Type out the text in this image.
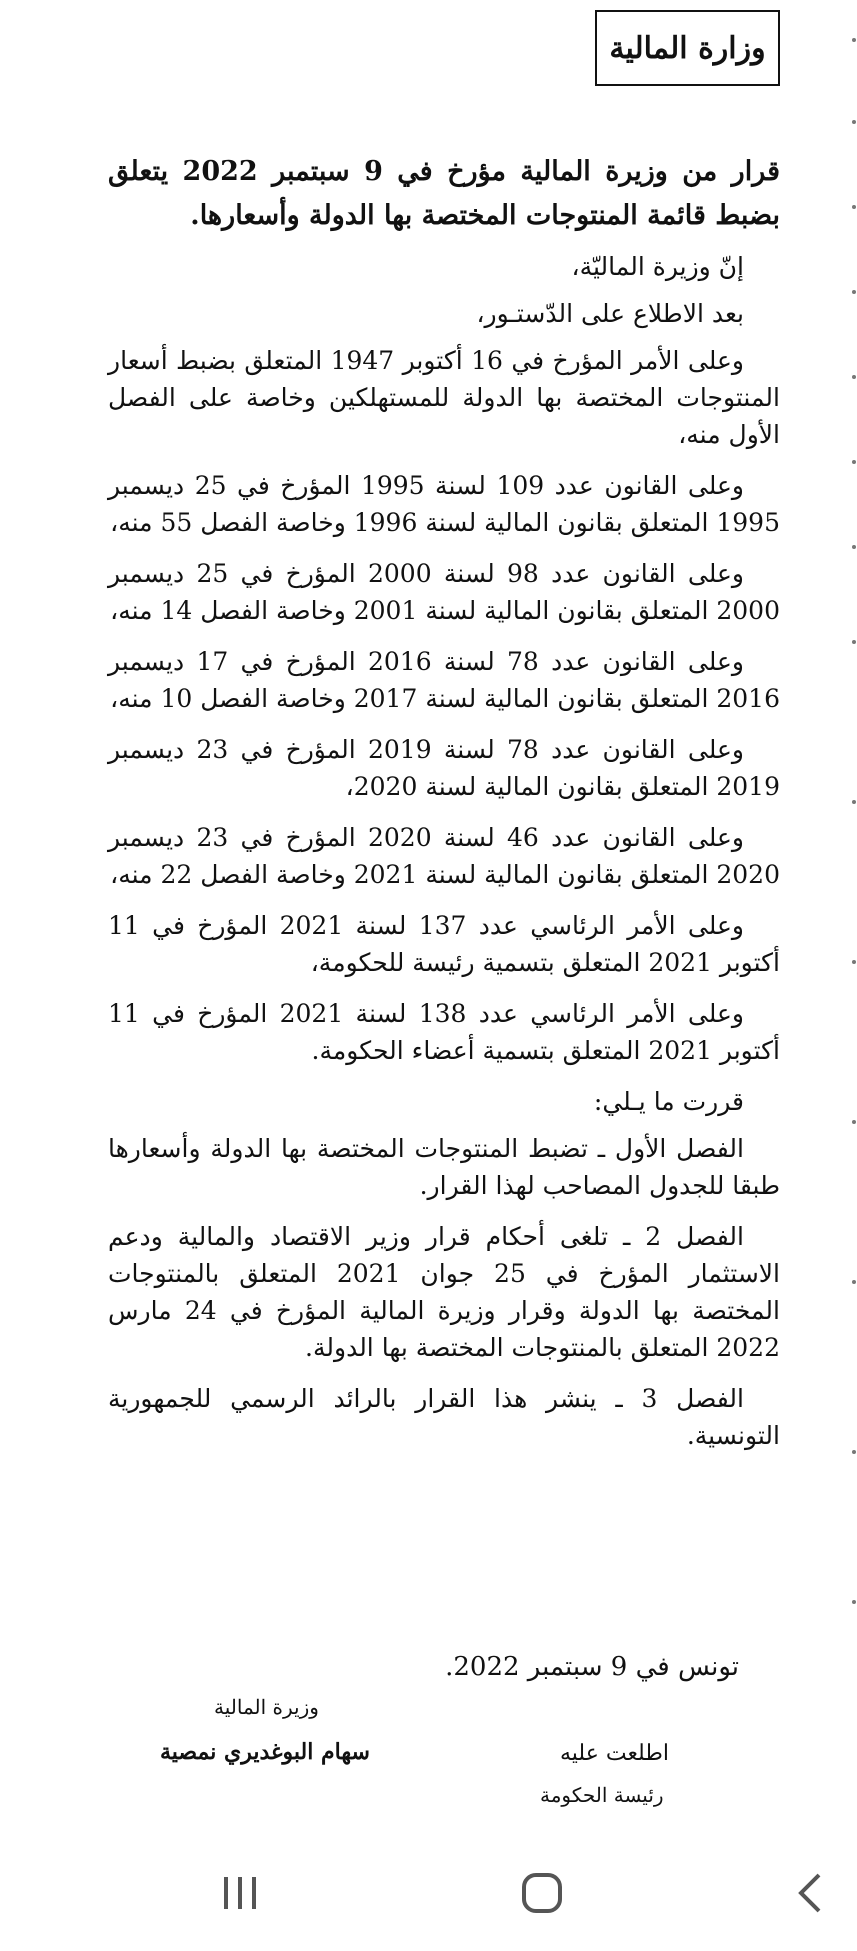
وزارة المالية
قرار من وزيرة المالية مؤرخ في 9 سبتمبر 2022 يتعلق بضبط قائمة المنتوجات المختصة بها الدولة وأسعارها.

إنّ وزيرة الماليّة،

بعد الاطلاع على الدّستـور،

وعلى الأمر المؤرخ في 16 أكتوبر 1947 المتعلق بضبط أسعار المنتوجات المختصة بها الدولة للمستهلكين وخاصة على الفصل الأول منه،

وعلى القانون عدد 109 لسنة 1995 المؤرخ في 25 ديسمبر 1995 المتعلق بقانون المالية لسنة 1996 وخاصة الفصل 55 منه،

وعلى القانون عدد 98 لسنة 2000 المؤرخ في 25 ديسمبر 2000 المتعلق بقانون المالية لسنة 2001 وخاصة الفصل 14 منه،

وعلى القانون عدد 78 لسنة 2016 المؤرخ في 17 ديسمبر 2016 المتعلق بقانون المالية لسنة 2017 وخاصة الفصل 10 منه،

وعلى القانون عدد 78 لسنة 2019 المؤرخ في 23 ديسمبر 2019 المتعلق بقانون المالية لسنة 2020،

وعلى القانون عدد 46 لسنة 2020 المؤرخ في 23 ديسمبر 2020 المتعلق بقانون المالية لسنة 2021 وخاصة الفصل 22 منه،

وعلى الأمر الرئاسي عدد 137 لسنة 2021 المؤرخ في 11 أكتوبر 2021 المتعلق بتسمية رئيسة للحكومة،

وعلى الأمر الرئاسي عدد 138 لسنة 2021 المؤرخ في 11 أكتوبر 2021 المتعلق بتسمية أعضاء الحكومة.

قررت ما يـلي:

الفصل الأول ـ تضبط المنتوجات المختصة بها الدولة وأسعارها طبقا للجدول المصاحب لهذا القرار.

الفصل 2 ـ تلغى أحكام قرار وزير الاقتصاد والمالية ودعم الاستثمار المؤرخ في 25 جوان 2021 المتعلق بالمنتوجات المختصة بها الدولة وقرار وزيرة المالية المؤرخ في 24 مارس 2022 المتعلق بالمنتوجات المختصة بها الدولة.

الفصل 3 ـ ينشر هذا القرار بالرائد الرسمي للجمهورية التونسية.

تونس في 9 سبتمبر 2022.
وزيرة المالية
سهام البوغديري نمصية	اطلعت عليه
رئيسة الحكومة
